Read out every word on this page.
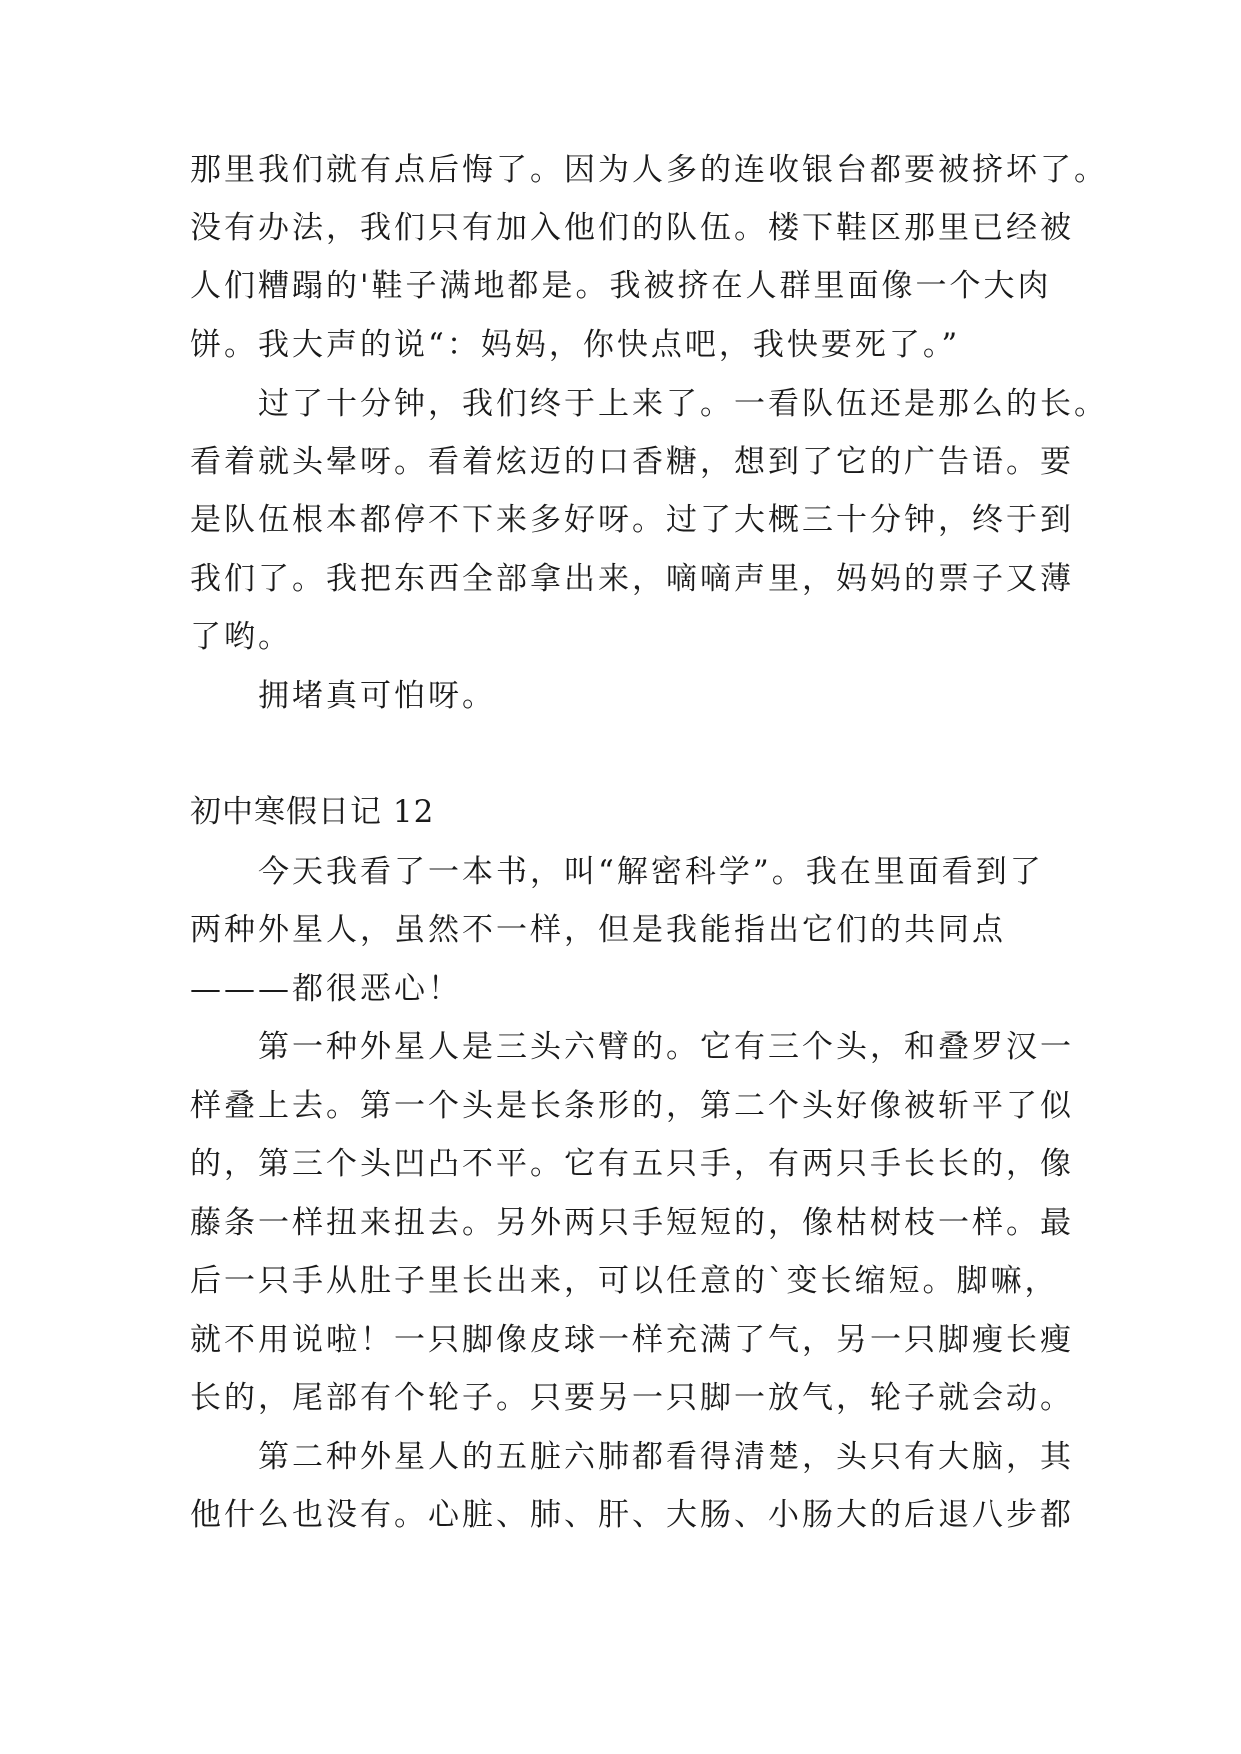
那里我们就有点后悔了。因为人多的连收银台都要被挤坏了。
没有办法，我们只有加入他们的队伍。楼下鞋区那里已经被
人们糟蹋的'鞋子满地都是。我被挤在人群里面像一个大肉
饼。我大声的说“：妈妈，你快点吧，我快要死了。”
过了十分钟，我们终于上来了。一看队伍还是那么的长。
看着就头晕呀。看着炫迈的口香糖，想到了它的广告语。要
是队伍根本都停不下来多好呀。过了大概三十分钟，终于到
我们了。我把东西全部拿出来，嘀嘀声里，妈妈的票子又薄
了哟。
拥堵真可怕呀。
初中寒假日记 12
今天我看了一本书，叫“解密科学”。我在里面看到了
两种外星人，虽然不一样，但是我能指出它们的共同点
———都很恶心！
第一种外星人是三头六臂的。它有三个头，和叠罗汉一
样叠上去。第一个头是长条形的，第二个头好像被斩平了似
的，第三个头凹凸不平。它有五只手，有两只手长长的，像
藤条一样扭来扭去。另外两只手短短的，像枯树枝一样。最
后一只手从肚子里长出来，可以任意的`变长缩短。脚嘛，
就不用说啦！一只脚像皮球一样充满了气，另一只脚瘦长瘦
长的，尾部有个轮子。只要另一只脚一放气，轮子就会动。
第二种外星人的五脏六肺都看得清楚，头只有大脑，其
他什么也没有。心脏、肺、肝、大肠、小肠大的后退八步都
